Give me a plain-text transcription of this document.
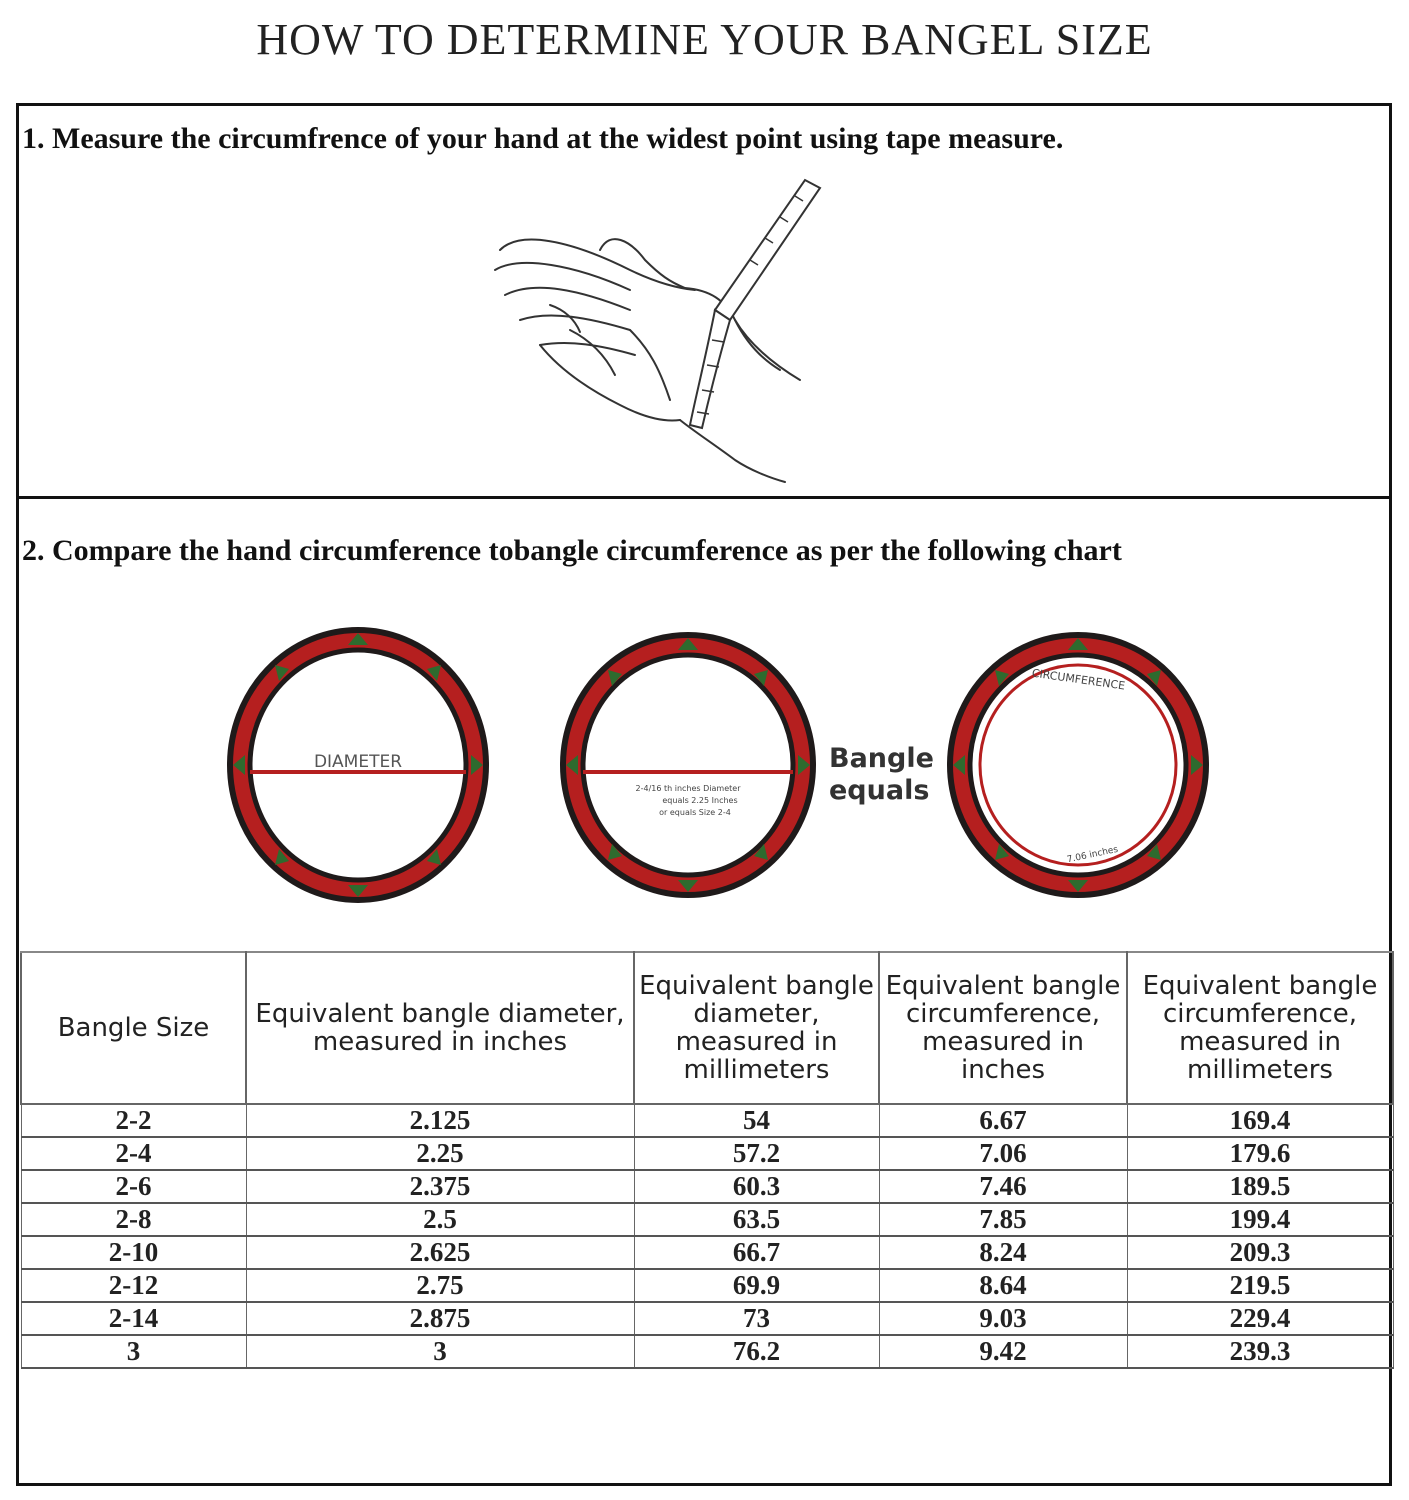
HOW TO DETERMINE YOUR BANGEL SIZE
1. Measure the circumfrence of your hand at the widest point using tape measure.
2. Compare the hand circumference tobangle circumference as per the following chart
DIAMETER
2-4/16 th inches Diameter
equals 2.25 Inches
or equals Size 2-4
Bangle
equals
CIRCUMFERENCE
7.06 inches
Bangle Size	Equivalent bangle diameter, measured in inches	Equivalent bangle diameter, measured in millimeters	Equivalent bangle circumference, measured in inches	Equivalent bangle circumference, measured in millimeters
2-2	2.125	54	6.67	169.4
2-4	2.25	57.2	7.06	179.6
2-6	2.375	60.3	7.46	189.5
2-8	2.5	63.5	7.85	199.4
2-10	2.625	66.7	8.24	209.3
2-12	2.75	69.9	8.64	219.5
2-14	2.875	73	9.03	229.4
3	3	76.2	9.42	239.3
